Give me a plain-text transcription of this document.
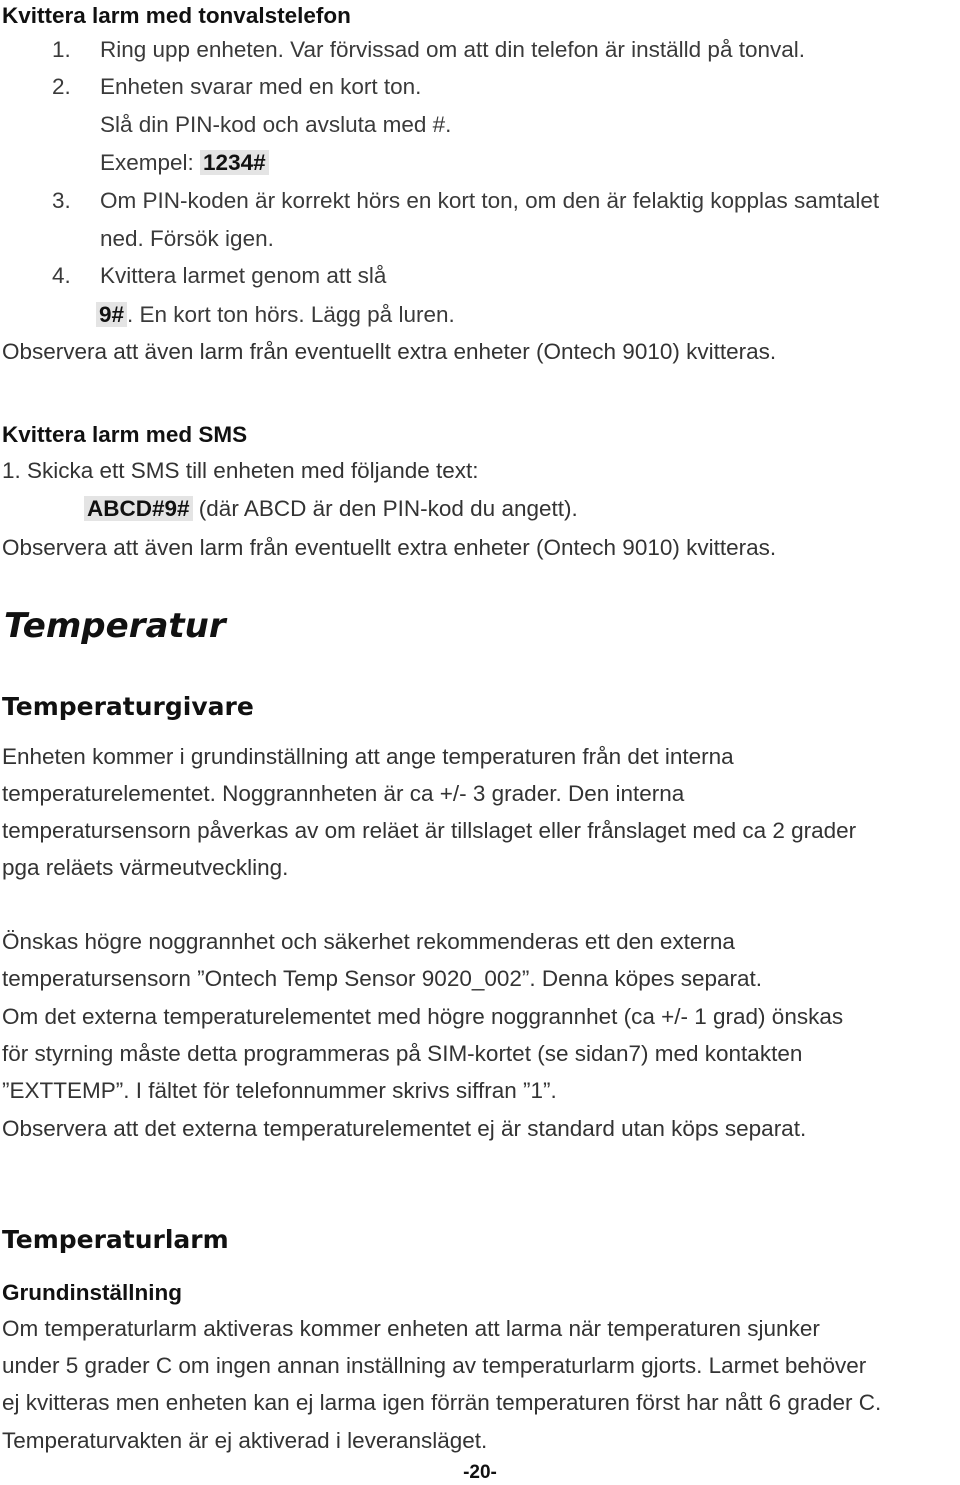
Kvittera larm med tonvalstelefon
1. Ring upp enheten. Var förvissad om att din telefon är inställd på tonval.
2. Enheten svarar med en kort ton.
Slå din PIN-kod och avsluta med #.
Exempel: 1234#
3. Om PIN-koden är korrekt hörs en kort ton, om den är felaktig kopplas samtalet
ned. Försök igen.
4. Kvittera larmet genom att slå
9# . En kort ton hörs. Lägg på luren.
Observera att även larm från eventuellt extra enheter (Ontech 9010) kvitteras.
Kvittera larm med SMS
1. Skicka ett SMS till enheten med följande text:
ABCD#9# (där ABCD är den PIN-kod du angett).
Observera att även larm från eventuellt extra enheter (Ontech 9010) kvitteras.
Temperatur
Temperaturgivare
Enheten kommer i grundinställning att ange temperaturen från det interna
temperaturelementet. Noggrannheten är ca +/- 3 grader. Den interna
temperatursensorn påverkas av om reläet är tillslaget eller frånslaget med ca 2 grader
pga reläets värmeutveckling.
Önskas högre noggrannhet och säkerhet rekommenderas ett den externa
temperatursensorn ”Ontech Temp Sensor 9020_002”. Denna köpes separat.
Om det externa temperaturelementet med högre noggrannhet (ca +/- 1 grad) önskas
för styrning måste detta programmeras på SIM-kortet (se sidan7) med kontakten
”EXTTEMP”. I fältet för telefonnummer skrivs siffran ”1”.
Observera att det externa temperaturelementet ej är standard utan köps separat.
Temperaturlarm
Grundinställning
Om temperaturlarm aktiveras kommer enheten att larma när temperaturen sjunker
under 5 grader C om ingen annan inställning av temperaturlarm gjorts. Larmet behöver
ej kvitteras men enheten kan ej larma igen förrän temperaturen först har nått 6 grader C.
Temperaturvakten är ej aktiverad i leveransläget.
-20-
